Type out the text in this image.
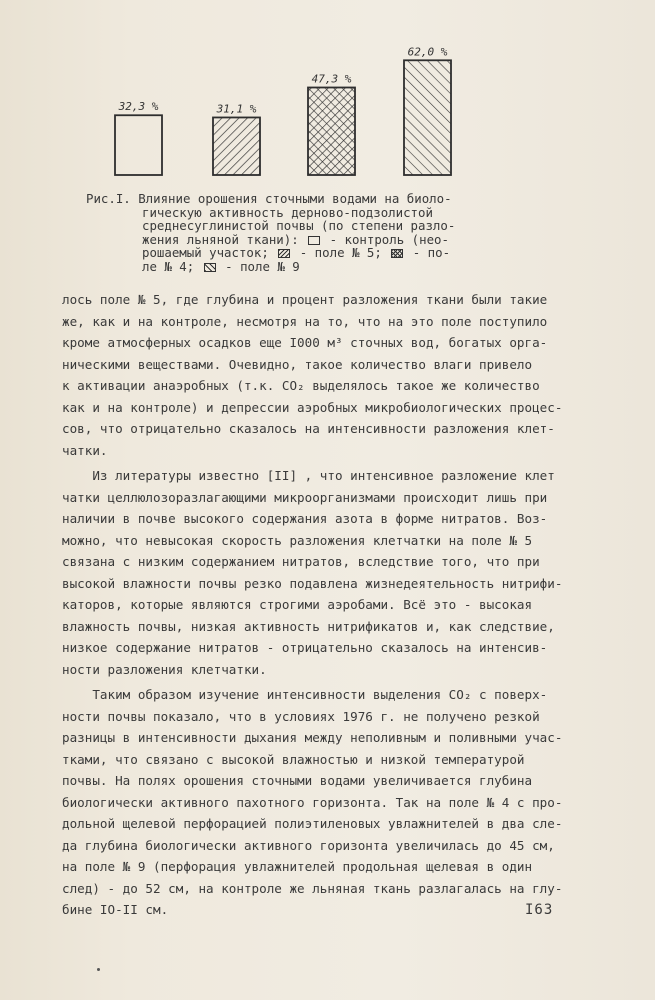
32,3 %	31,1 %
47,3 %
62,0 %
Рис.I. Влияние орошения сточными водами на биоло-
гическую активность дерново-подзолистой
среднесуглинистой почвы (по степени разло-
жения льняной ткани): - контроль (нео-
рошаемый участок; - поле № 5; - по-
ле № 4; - поле № 9
лось поле № 5, где глубина и процент разложения ткани были такие
же, как и на контроле, несмотря на то, что на это поле поступило
кроме атмосферных осадков еще I000 м³ сточных вод, богатых орга-
ническими веществами. Очевидно, такое количество влаги привело
к активации анаэробных (т.к. CO₂ выделялось такое же количество
как и на контроле) и депрессии аэробных микробиологических процес-
сов, что отрицательно сказалось на интенсивности разложения клет-
чатки.
Из литературы известно [II] , что интенсивное разложение клет
чатки целлюлозоразлагающими микроорганизмами происходит лишь при
наличии в почве высокого содержания азота в форме нитратов. Воз-
можно, что невысокая скорость разложения клетчатки на поле № 5
связана с низким содержанием нитратов, вследствие того, что при
высокой влажности почвы резко подавлена жизнедеятельность нитрифи-
каторов, которые являются строгими аэробами. Всё это - высокая
влажность почвы, низкая активность нитрификатов и, как следствие,
низкое содержание нитратов - отрицательно сказалось на интенсив-
ности разложения клетчатки.
Таким образом изучение интенсивности выделения CO₂ с поверх-
ности почвы показало, что в условиях 1976 г. не получено резкой
разницы в интенсивности дыхания между неполивным и поливными учас-
тками, что связано с высокой влажностью и низкой температурой
почвы. На полях орошения сточными водами увеличивается глубина
биологически активного пахотного горизонта. Так на поле № 4 с про-
дольной щелевой перфорацией полиэтиленовых увлажнителей в два сле-
да глубина биологически активного горизонта увеличилась до 45 см,
на поле № 9 (перфорация увлажнителей продольная щелевая в один
след) - до 52 см, на контроле же льняная ткань разлагалась на глу-
бине IO-II см.	I63
